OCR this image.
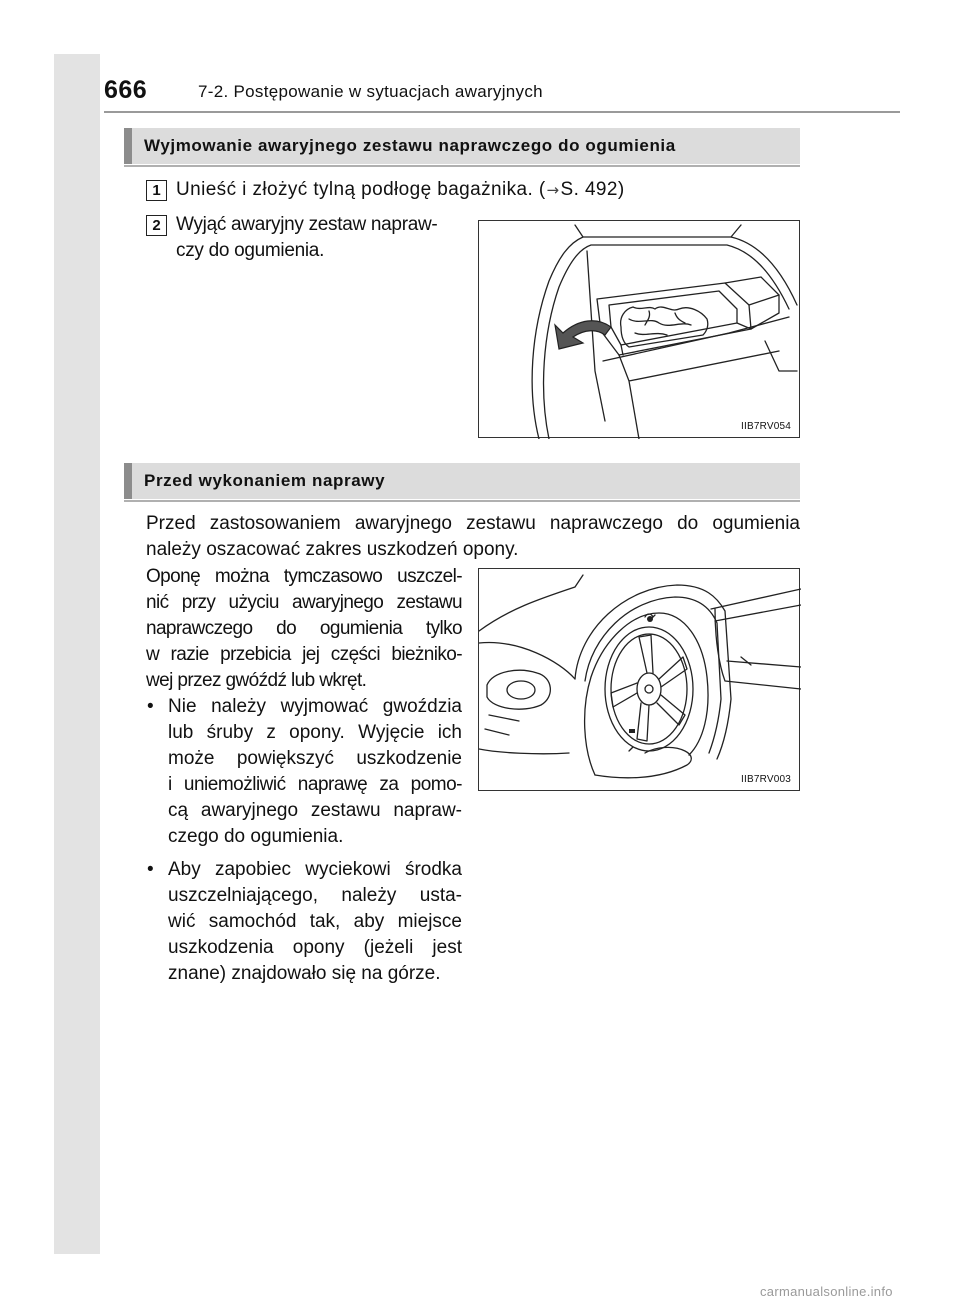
666	7-2. Postępowanie w sytuacjach awaryjnych
Wyjmowanie awaryjnego zestawu naprawczego do ogumienia
1 Unieść i złożyć tylną podłogę bagażnika. (→S. 492)
2 Wyjąć awaryjny zestaw napraw-
czy do ogumienia.
IIB7RV054
Przed wykonaniem naprawy
Przed zastosowaniem awaryjnego zestawu naprawczego do ogumienia
należy oszacować zakres uszkodzeń opony.
Oponę można tymczasowo uszczel-
nić przy użyciu awaryjnego zestawu
naprawczego do ogumienia tylko
w razie przebicia jej części bieżniko-
wej przez gwóźdź lub wkręt.
• Nie należy wyjmować gwoździa
lub śruby z opony. Wyjęcie ich
może powiększyć uszkodzenie
i uniemożliwić naprawę za pomo-
cą awaryjnego zestawu napraw-
czego do ogumienia.
• Aby zapobiec wyciekowi środka
uszczelniającego, należy usta-
wić samochód tak, aby miejsce
uszkodzenia opony (jeżeli jest
znane) znajdowało się na górze.
IIB7RV003
carmanualsonline.info
